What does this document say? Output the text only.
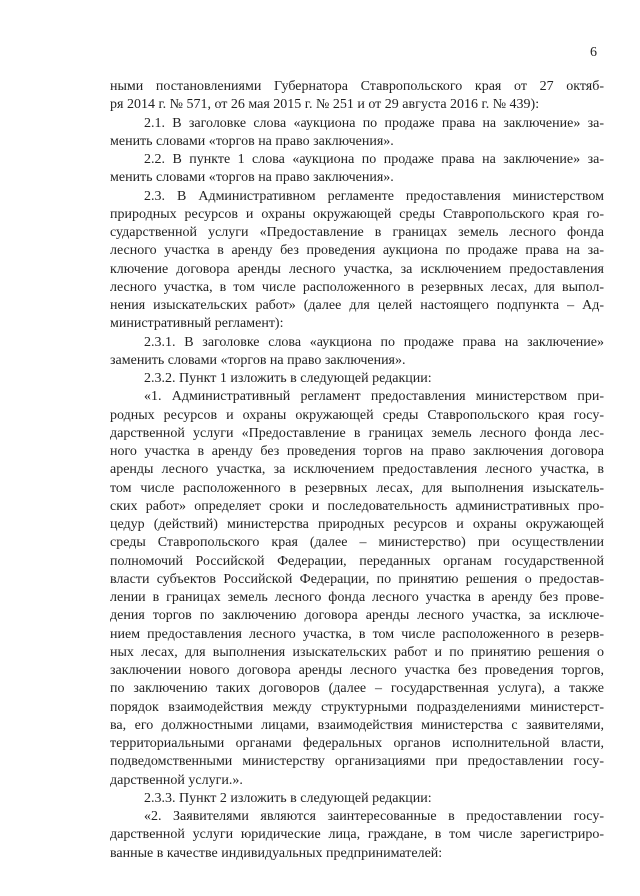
6
ными постановлениями Губернатора Ставропольского края от 27 октяб-
ря 2014 г. № 571, от 26 мая 2015 г. № 251 и от 29 августа 2016 г. № 439):
2.1. В заголовке слова «аукциона по продаже права на заключение» за-
менить словами «торгов на право заключения».
2.2. В пункте 1 слова «аукциона по продаже права на заключение» за-
менить словами «торгов на право заключения».
2.3. В Административном регламенте предоставления министерством
природных ресурсов и охраны окружающей среды Ставропольского края го-
сударственной услуги «Предоставление в границах земель лесного фонда
лесного участка в аренду без проведения аукциона по продаже права на за-
ключение договора аренды лесного участка, за исключением предоставления
лесного участка, в том числе расположенного в резервных лесах, для выпол-
нения изыскательских работ» (далее для целей настоящего подпункта – Ад-
министративный регламент):
2.3.1. В заголовке слова «аукциона по продаже права на заключение»
заменить словами «торгов на право заключения».
2.3.2. Пункт 1 изложить в следующей редакции:
«1. Административный регламент предоставления министерством при-
родных ресурсов и охраны окружающей среды Ставропольского края госу-
дарственной услуги «Предоставление в границах земель лесного фонда лес-
ного участка в аренду без проведения торгов на право заключения договора
аренды лесного участка, за исключением предоставления лесного участка, в
том числе расположенного в резервных лесах, для выполнения изыскатель-
ских работ» определяет сроки и последовательность административных про-
цедур (действий) министерства природных ресурсов и охраны окружающей
среды Ставропольского края (далее – министерство) при осуществлении
полномочий Российской Федерации, переданных органам государственной
власти субъектов Российской Федерации, по принятию решения о предостав-
лении в границах земель лесного фонда лесного участка в аренду без прове-
дения торгов по заключению договора аренды лесного участка, за исключе-
нием предоставления лесного участка, в том числе расположенного в резерв-
ных лесах, для выполнения изыскательских работ и по принятию решения о
заключении нового договора аренды лесного участка без проведения торгов,
по заключению таких договоров (далее – государственная услуга), а также
порядок взаимодействия между структурными подразделениями министерст-
ва, его должностными лицами, взаимодействия министерства с заявителями,
территориальными органами федеральных органов исполнительной власти,
подведомственными министерству организациями при предоставлении госу-
дарственной услуги.».
2.3.3. Пункт 2 изложить в следующей редакции:
«2. Заявителями являются заинтересованные в предоставлении госу-
дарственной услуги юридические лица, граждане, в том числе зарегистриро-
ванные в качестве индивидуальных предпринимателей:
